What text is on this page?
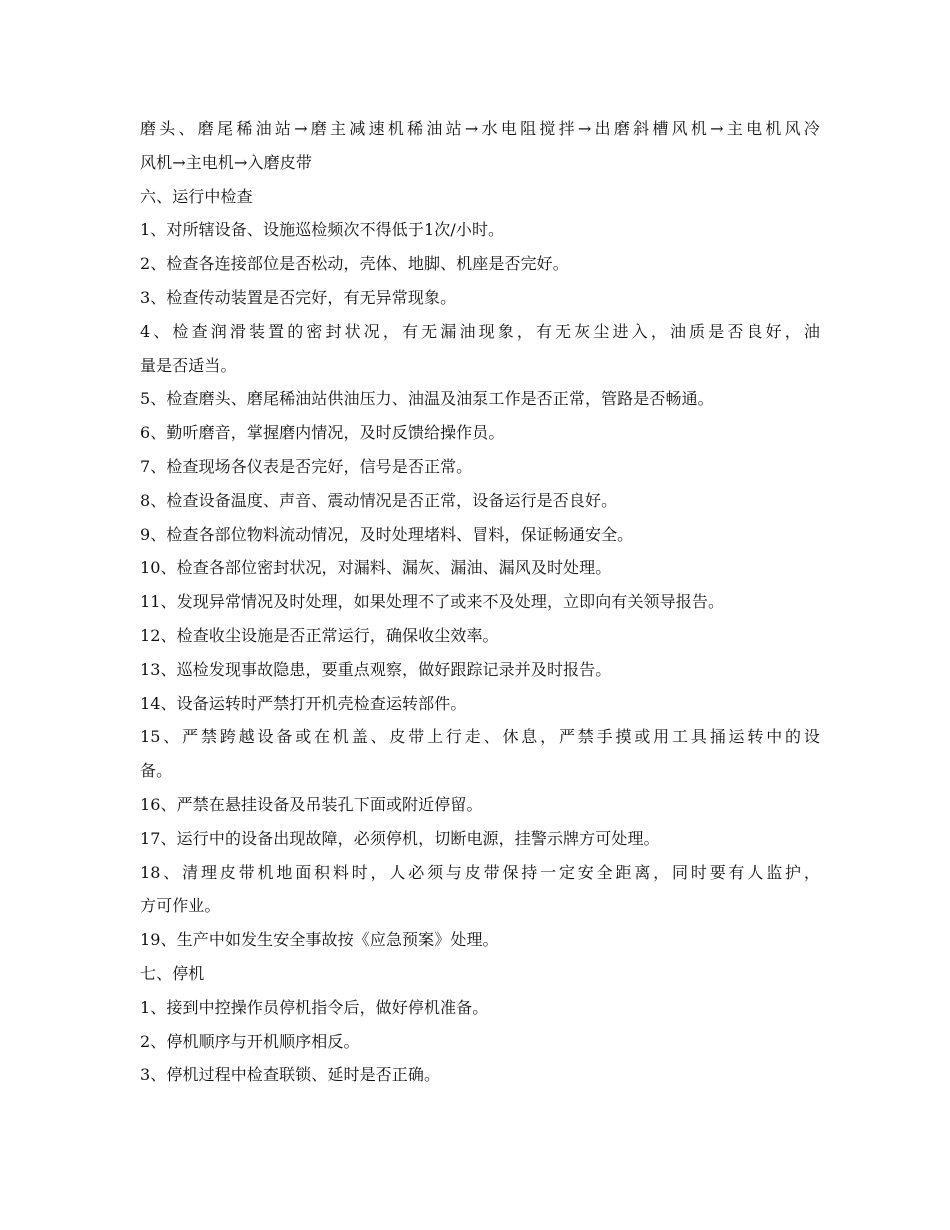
磨头、磨尾稀油站→磨主减速机稀油站→水电阻搅拌→出磨斜槽风机→主电机风冷
风机→主电机→入磨皮带
六、运行中检查
1、对所辖设备、设施巡检频次不得低于1次/小时。
2、检查各连接部位是否松动，壳体、地脚、机座是否完好。
3、检查传动装置是否完好，有无异常现象。
4、检查润滑装置的密封状况，有无漏油现象，有无灰尘进入，油质是否良好，油
量是否适当。
5、检查磨头、磨尾稀油站供油压力、油温及油泵工作是否正常，管路是否畅通。
6、勤听磨音，掌握磨内情况，及时反馈给操作员。
7、检查现场各仪表是否完好，信号是否正常。
8、检查设备温度、声音、震动情况是否正常，设备运行是否良好。
9、检查各部位物料流动情况，及时处理堵料、冒料，保证畅通安全。
10、检查各部位密封状况，对漏料、漏灰、漏油、漏风及时处理。
11、发现异常情况及时处理，如果处理不了或来不及处理，立即向有关领导报告。
12、检查收尘设施是否正常运行，确保收尘效率。
13、巡检发现事故隐患，要重点观察，做好跟踪记录并及时报告。
14、设备运转时严禁打开机壳检查运转部件。
15、严禁跨越设备或在机盖、皮带上行走、休息，严禁手摸或用工具捅运转中的设
备。
16、严禁在悬挂设备及吊装孔下面或附近停留。
17、运行中的设备出现故障，必须停机，切断电源，挂警示牌方可处理。
18、清理皮带机地面积料时，人必须与皮带保持一定安全距离，同时要有人监护，
方可作业。
19、生产中如发生安全事故按《应急预案》处理。
七、停机
1、接到中控操作员停机指令后，做好停机准备。
2、停机顺序与开机顺序相反。
3、停机过程中检查联锁、延时是否正确。
